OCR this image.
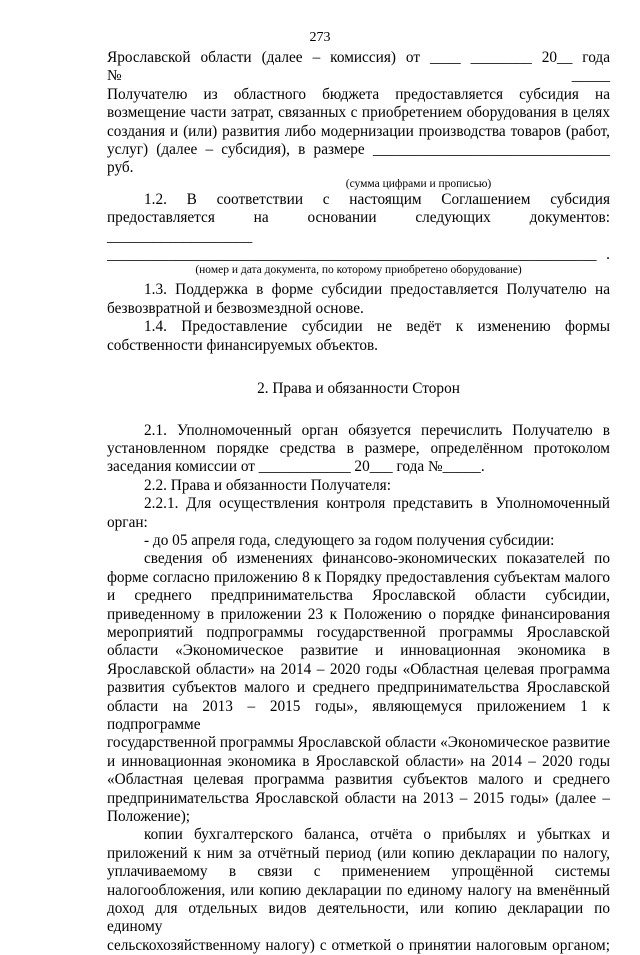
273

Ярославской области (далее – комиссия) от ____ ________ 20__ года №_____

Получателю из областного бюджета предоставляется субсидия на

возмещение части затрат, связанных с приобретением оборудования в целях

создания и (или) развития либо модернизации производства товаров (работ,

услуг) (далее – субсидия), в размере _______________________________ руб.

(сумма цифрами и прописью)

1.2. В соответствии с настоящим Соглашением субсидия

предоставляется на основании следующих документов: ___________________

________________________________________________________________ .

(номер и дата документа, по которому приобретено оборудование)

1.3. Поддержка в форме субсидии предоставляется Получателю на

безвозвратной и безвозмездной основе.

1.4. Предоставление субсидии не ведёт к изменению формы

собственности финансируемых объектов.

2. Права и обязанности Сторон

2.1. Уполномоченный орган обязуется перечислить Получателю в

установленном порядке средства в размере, определённом протоколом

заседания комиссии от ____________ 20___ года №_____.

2.2. Права и обязанности Получателя:

2.2.1. Для осуществления контроля представить в Уполномоченный

орган:

- до 05 апреля года, следующего за годом получения субсидии:

сведения об изменениях финансово-экономических показателей по

форме согласно приложению 8 к Порядку предоставления субъектам малого

и среднего предпринимательства Ярославской области субсидии,

приведенному в приложении 23 к Положению о порядке финансирования

мероприятий подпрограммы государственной программы Ярославской

области «Экономическое развитие и инновационная экономика в

Ярославской области» на 2014 – 2020 годы «Областная целевая программа

развития субъектов малого и среднего предпринимательства Ярославской

области на 2013 – 2015 годы», являющемуся приложением 1 к подпрограмме

государственной программы Ярославской области «Экономическое развитие

и инновационная экономика в Ярославской области» на 2014 – 2020 годы

«Областная целевая программа развития субъектов малого и среднего

предпринимательства Ярославской области на 2013 – 2015 годы» (далее –

Положение);

копии бухгалтерского баланса, отчёта о прибылях и убытках и

приложений к ним за отчётный период (или копию декларации по налогу,

уплачиваемому в связи с применением упрощённой системы

налогообложения, или копию декларации по единому налогу на вменённый

доход для отдельных видов деятельности, или копию декларации по единому

сельскохозяйственному налогу) с отметкой о принятии налоговым органом;
